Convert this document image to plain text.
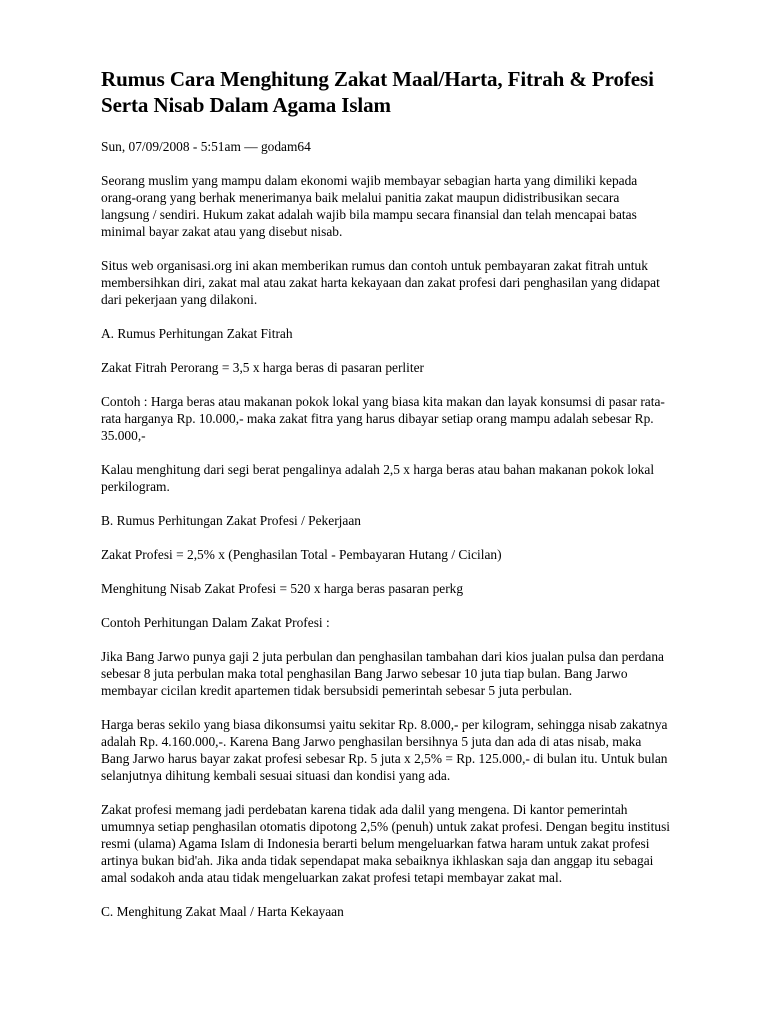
Rumus Cara Menghitung Zakat Maal/Harta, Fitrah & Profesi Serta Nisab Dalam Agama Islam
Sun, 07/09/2008 - 5:51am — godam64

Seorang muslim yang mampu dalam ekonomi wajib membayar sebagian harta yang dimiliki kepada orang-orang yang berhak menerimanya baik melalui panitia zakat maupun didistribusikan secara langsung / sendiri. Hukum zakat adalah wajib bila mampu secara finansial dan telah mencapai batas minimal bayar zakat atau yang disebut nisab.

Situs web organisasi.org ini akan memberikan rumus dan contoh untuk pembayaran zakat fitrah untuk membersihkan diri, zakat mal atau zakat harta kekayaan dan zakat profesi dari penghasilan yang didapat dari pekerjaan yang dilakoni.

A. Rumus Perhitungan Zakat Fitrah

Zakat Fitrah Perorang = 3,5 x harga beras di pasaran perliter

Contoh : Harga beras atau makanan pokok lokal yang biasa kita makan dan layak konsumsi di pasar rata-rata harganya Rp. 10.000,- maka zakat fitra yang harus dibayar setiap orang mampu adalah sebesar Rp. 35.000,-

Kalau menghitung dari segi berat pengalinya adalah 2,5 x harga beras atau bahan makanan pokok lokal perkilogram.

B. Rumus Perhitungan Zakat Profesi / Pekerjaan

Zakat Profesi = 2,5% x (Penghasilan Total - Pembayaran Hutang / Cicilan)

Menghitung Nisab Zakat Profesi = 520 x harga beras pasaran perkg

Contoh Perhitungan Dalam Zakat Profesi :

Jika Bang Jarwo punya gaji 2 juta perbulan dan penghasilan tambahan dari kios jualan pulsa dan perdana sebesar 8 juta perbulan maka total penghasilan Bang Jarwo sebesar 10 juta tiap bulan. Bang Jarwo membayar cicilan kredit apartemen tidak bersubsidi pemerintah sebesar 5 juta perbulan.

Harga beras sekilo yang biasa dikonsumsi yaitu sekitar Rp. 8.000,- per kilogram, sehingga nisab zakatnya adalah Rp. 4.160.000,-. Karena Bang Jarwo penghasilan bersihnya 5 juta dan ada di atas nisab, maka Bang Jarwo harus bayar zakat profesi sebesar Rp. 5 juta x 2,5% = Rp. 125.000,- di bulan itu. Untuk bulan selanjutnya dihitung kembali sesuai situasi dan kondisi yang ada.

Zakat profesi memang jadi perdebatan karena tidak ada dalil yang mengena. Di kantor pemerintah umumnya setiap penghasilan otomatis dipotong 2,5% (penuh) untuk zakat profesi. Dengan begitu institusi resmi (ulama) Agama Islam di Indonesia berarti belum mengeluarkan fatwa haram untuk zakat profesi artinya bukan bid'ah. Jika anda tidak sependapat maka sebaiknya ikhlaskan saja dan anggap itu sebagai amal sodakoh anda atau tidak mengeluarkan zakat profesi tetapi membayar zakat mal.

C. Menghitung Zakat Maal / Harta Kekayaan
